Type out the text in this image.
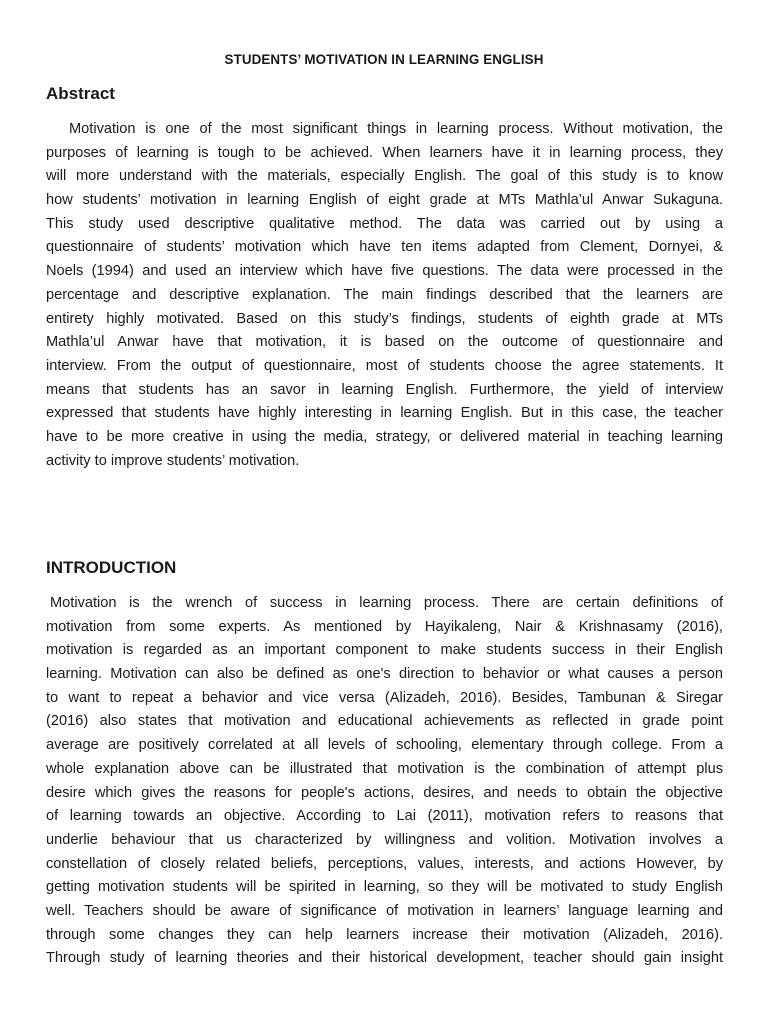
STUDENTS’ MOTIVATION IN LEARNING ENGLISH
Abstract
Motivation is one of the most significant things in learning process. Without motivation, the
purposes of learning is tough to be achieved. When learners have it in learning process, they
will more understand with the materials, especially English. The goal of this study is to know
how students’ motivation in learning English of eight grade at MTs Mathla’ul Anwar Sukaguna.
This study used descriptive qualitative method. The data was carried out by using a
questionnaire of students’ motivation which have ten items adapted from Clement, Dornyei, &
Noels (1994) and used an interview which have five questions. The data were processed in the
percentage and descriptive explanation. The main findings described that the learners are
entirety highly motivated. Based on this study’s findings, students of eighth grade at MTs
Mathla’ul Anwar have that motivation, it is based on the outcome of questionnaire and
interview. From the output of questionnaire, most of students choose the agree statements. It
means that students has an savor in learning English. Furthermore, the yield of interview
expressed that students have highly interesting in learning English. But in this case, the teacher
have to be more creative in using the media, strategy, or delivered material in teaching learning
activity to improve students’ motivation.
INTRODUCTION
Motivation is the wrench of success in learning process. There are certain definitions of
motivation from some experts. As mentioned by Hayikaleng, Nair & Krishnasamy (2016),
motivation is regarded as an important component to make students success in their English
learning. Motivation can also be defined as one's direction to behavior or what causes a person
to want to repeat a behavior and vice versa (Alizadeh, 2016). Besides, Tambunan & Siregar
(2016) also states that motivation and educational achievements as reflected in grade point
average are positively correlated at all levels of schooling, elementary through college. From a
whole explanation above can be illustrated that motivation is the combination of attempt plus
desire which gives the reasons for people's actions, desires, and needs to obtain the objective
of learning towards an objective. According to Lai (2011), motivation refers to reasons that
underlie behaviour that us characterized by willingness and volition. Motivation involves a
constellation of closely related beliefs, perceptions, values, interests, and actions However, by
getting motivation students will be spirited in learning, so they will be motivated to study English
well. Teachers should be aware of significance of motivation in learners’ language learning and
through some changes they can help learners increase their motivation (Alizadeh, 2016).
Through study of learning theories and their historical development, teacher should gain insight
